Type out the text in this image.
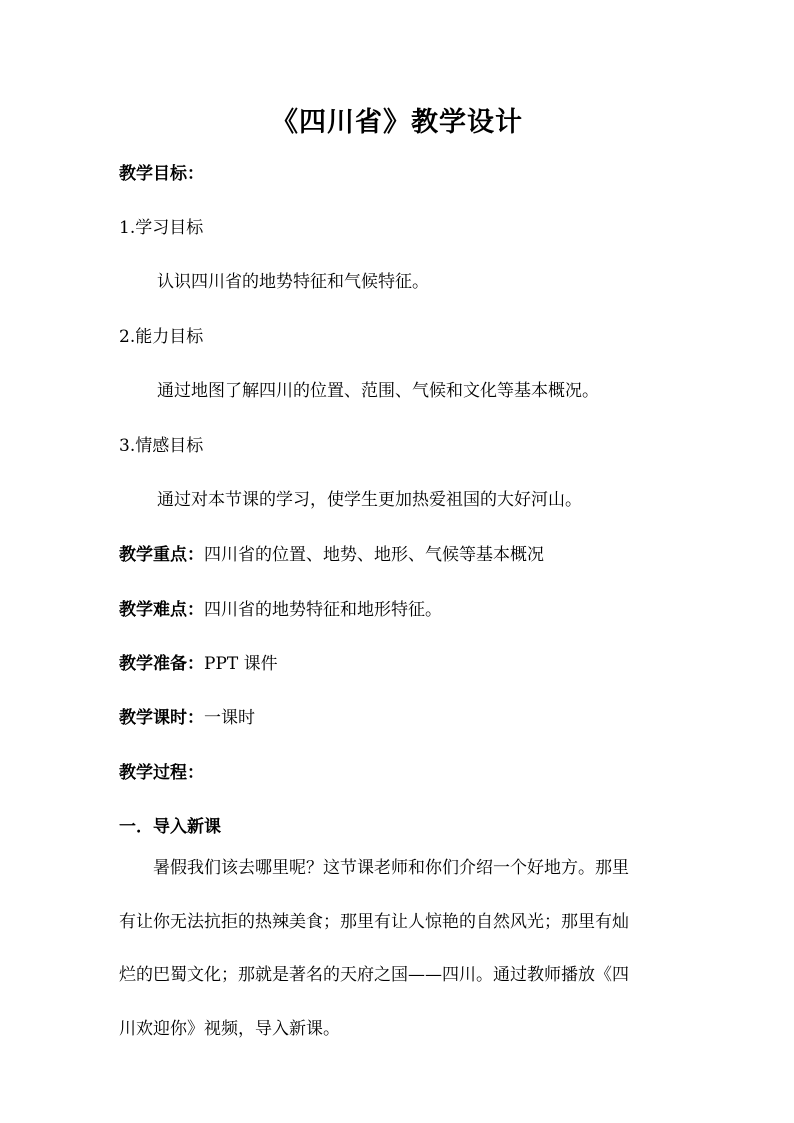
《四川省》教学设计
教学目标：
1.学习目标
认识四川省的地势特征和气候特征。
2.能力目标
通过地图了解四川的位置、范围、气候和文化等基本概况。
3.情感目标
通过对本节课的学习，使学生更加热爱祖国的大好河山。
教学重点：四川省的位置、地势、地形、气候等基本概况
教学难点：四川省的地势特征和地形特征。
教学准备：PPT 课件
教学课时：一课时
教学过程：
一．导入新课
　　暑假我们该去哪里呢？这节课老师和你们介绍一个好地方。那里
有让你无法抗拒的热辣美食；那里有让人惊艳的自然风光；那里有灿
烂的巴蜀文化；那就是著名的天府之国——四川。通过教师播放《四
川欢迎你》视频，导入新课。
